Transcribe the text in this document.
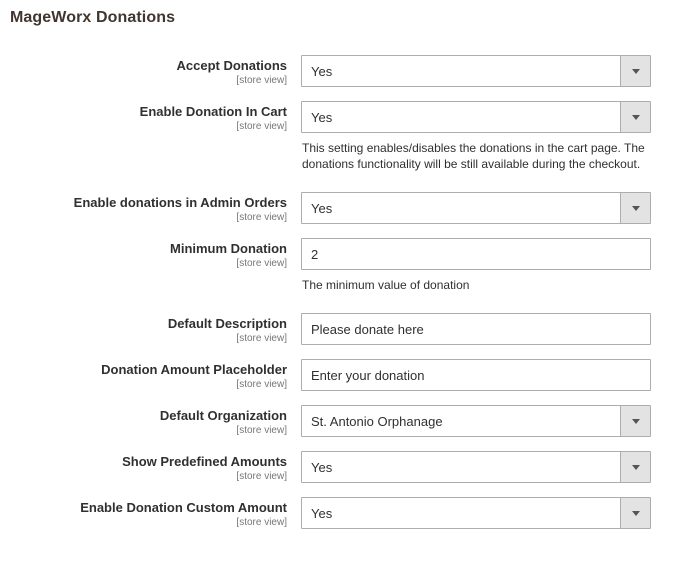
MageWorx Donations
Accept Donations
[store view]
Yes
Enable Donation In Cart
[store view]
Yes
This setting enables/disables the donations in the cart page. The donations functionality will be still available during the checkout.
Enable donations in Admin Orders
[store view]
Yes
Minimum Donation
[store view]
2
The minimum value of donation
Default Description
[store view]
Please donate here
Donation Amount Placeholder
[store view]
Enter your donation
Default Organization
[store view]
St. Antonio Orphanage
Show Predefined Amounts
[store view]
Yes
Enable Donation Custom Amount
[store view]
Yes
